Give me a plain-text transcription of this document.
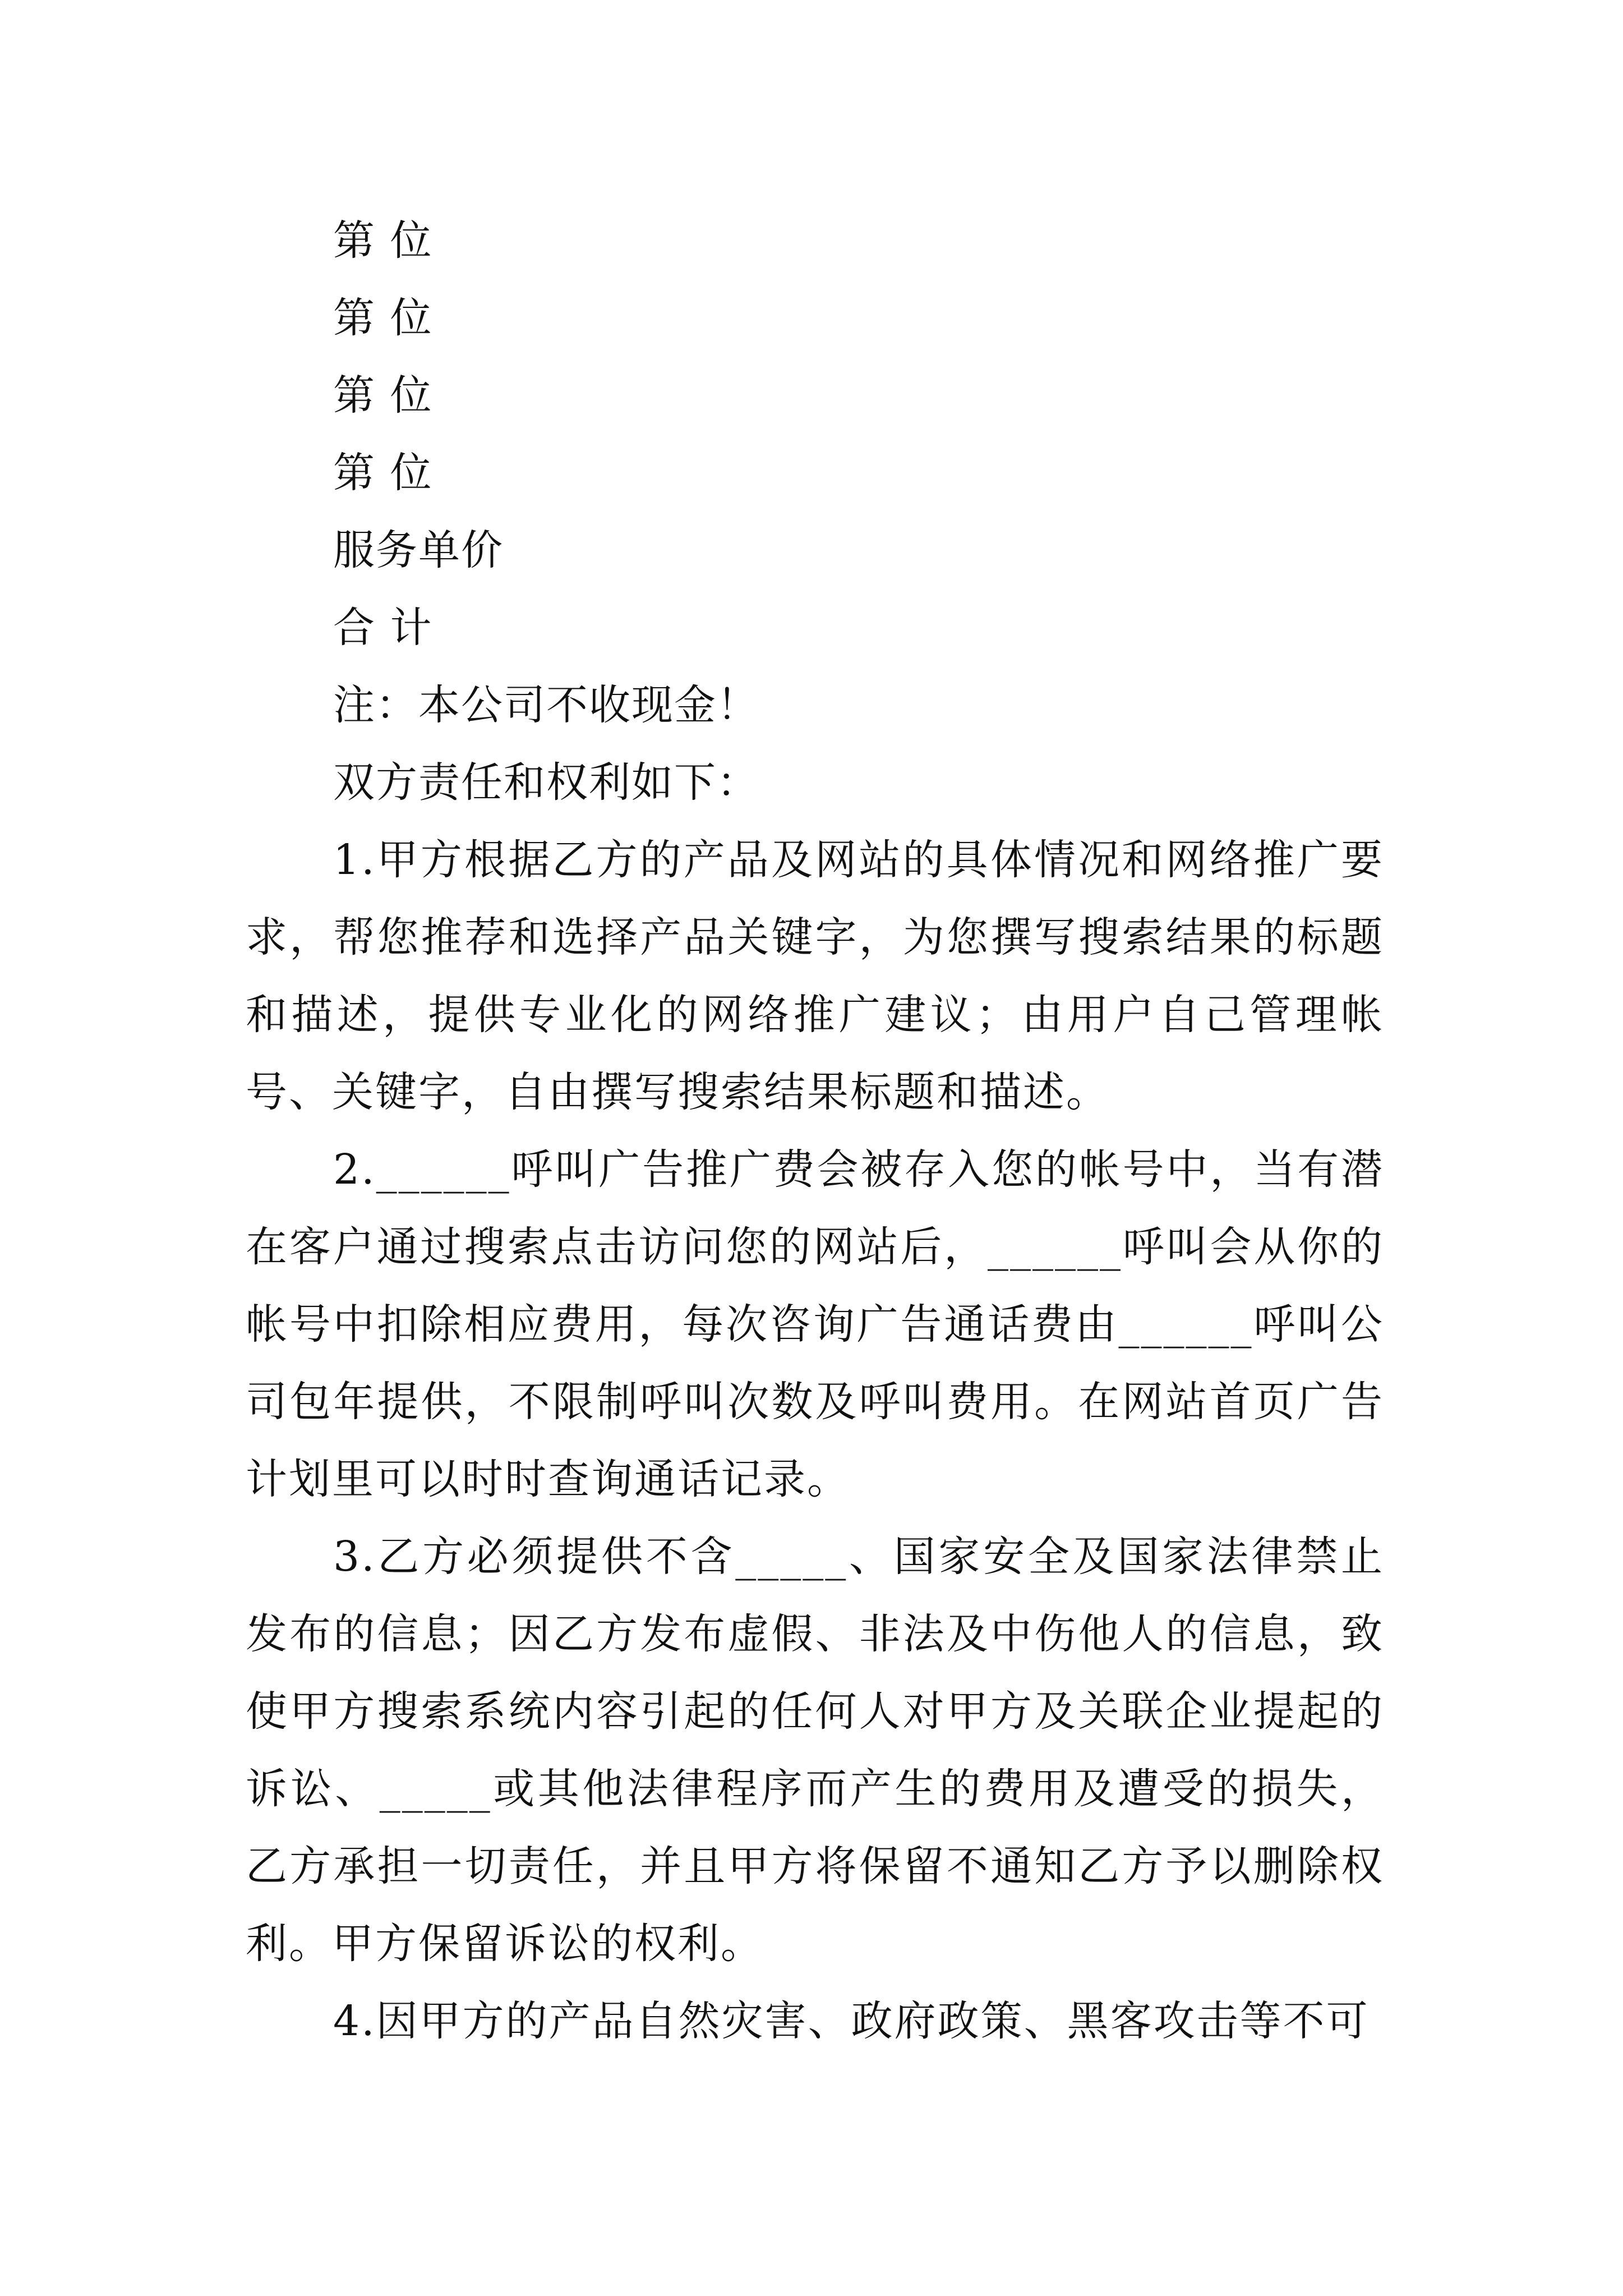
第 位
第 位
第 位
第 位
服务单价
合 计
注：本公司不收现金！
双方责任和权利如下：

1.甲方根据乙方的产品及网站的具体情况和网络推广要求，帮您推荐和选择产品关键字，为您撰写搜索结果的标题和描述，提供专业化的网络推广建议；由用户自己管理帐号、关键字，自由撰写搜索结果标题和描述。

2.______呼叫广告推广费会被存入您的帐号中，当有潜在客户通过搜索点击访问您的网站后，______呼叫会从你的帐号中扣除相应费用，每次咨询广告通话费由______呼叫公司包年提供，不限制呼叫次数及呼叫费用。在网站首页广告计划里可以时时查询通话记录。

3.乙方必须提供不含_____、国家安全及国家法律禁止发布的信息；因乙方发布虚假、非法及中伤他人的信息，致使甲方搜索系统内容引起的任何人对甲方及关联企业提起的诉讼、_____或其他法律程序而产生的费用及遭受的损失，乙方承担一切责任，并且甲方将保留不通知乙方予以删除权利。甲方保留诉讼的权利。

4.因甲方的产品自然灾害、政府政策、黑客攻击等不可
